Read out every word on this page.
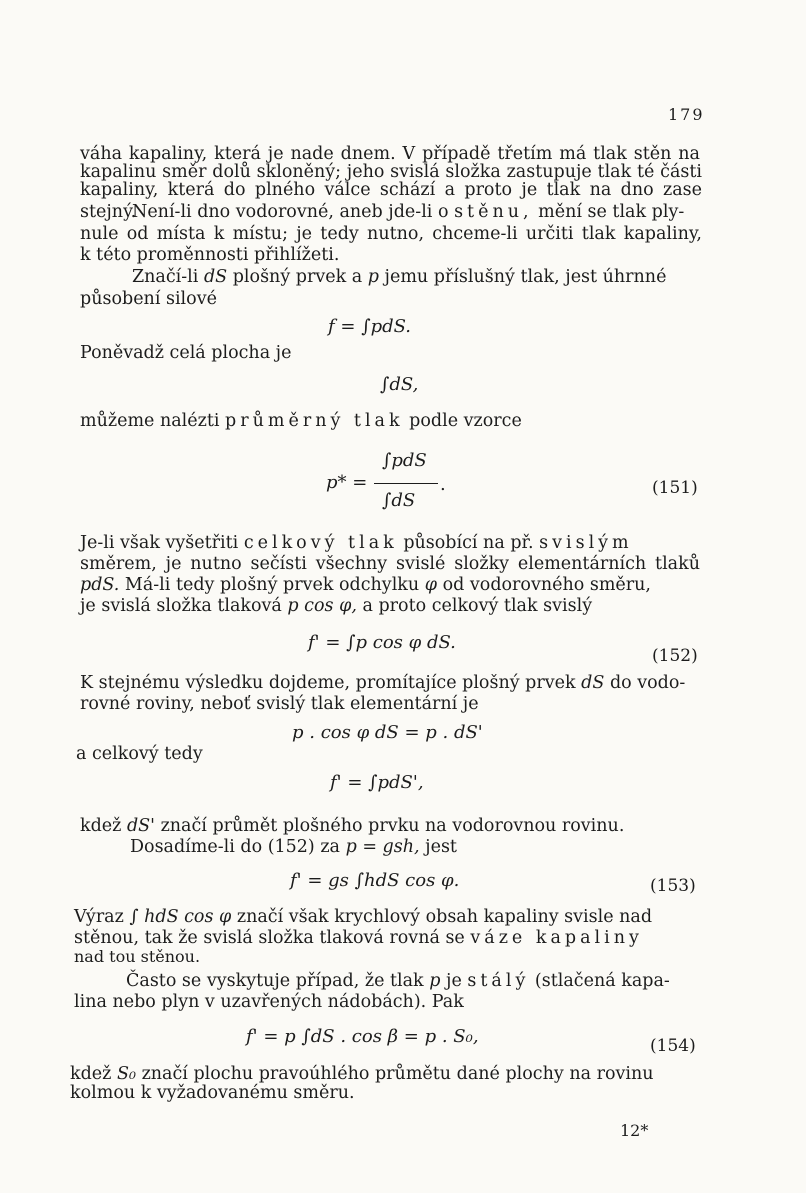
179
váha kapaliny, která je nade dnem. V případě třetím má tlak stěn na
kapalinu směr dolů skloněný; jeho svislá složka zastupuje tlak té části
kapaliny, která do plného válce schází a proto je tlak na dno zase stejný.
Není-li dno vodorovné, aneb jde-li o stěnu, mění se tlak ply-
nule od místa k místu; je tedy nutno, chceme-li určiti tlak kapaliny,
k této proměnnosti přihlížeti.
Značí-li dS plošný prvek a p jemu příslušný tlak, jest úhrnné
působení silové
f = ∫pdS.
Poněvadž celá plocha je
∫dS,
můžeme nalézti průměrný tlak podle vzorce
p* =
∫pdS
∫dS
.	(151)
Je-li však vyšetřiti celkový tlak působící na př. svislým
směrem, je nutno sečísti všechny svislé složky elementárních tlaků
pdS. Má-li tedy plošný prvek odchylku φ od vodorovného směru,
je svislá složka tlaková p cos φ, a proto celkový tlak svislý
f' = ∫p cos φ dS.
(152)
K stejnému výsledku dojdeme, promítajíce plošný prvek dS do vodo-
rovné roviny, neboť svislý tlak elementární je
p . cos φ dS = p . dS'
a celkový tedy
f' = ∫pdS',
kdež dS' značí průmět plošného prvku na vodorovnou rovinu.
Dosadíme-li do (152) za p = gsh, jest
f' = gs ∫hdS cos φ.	(153)
Výraz ∫ hdS cos φ značí však krychlový obsah kapaliny svisle nad
stěnou, tak že svislá složka tlaková rovná se váze kapaliny
nad tou stěnou.
Často se vyskytuje případ, že tlak p je stálý (stlačená kapa-
lina nebo plyn v uzavřených nádobách). Pak
f' = p ∫dS . cos β = p . S₀,	(154)
kdež S₀ značí plochu pravoúhlého průmětu dané plochy na rovinu
kolmou k vyžadovanému směru.
12*
